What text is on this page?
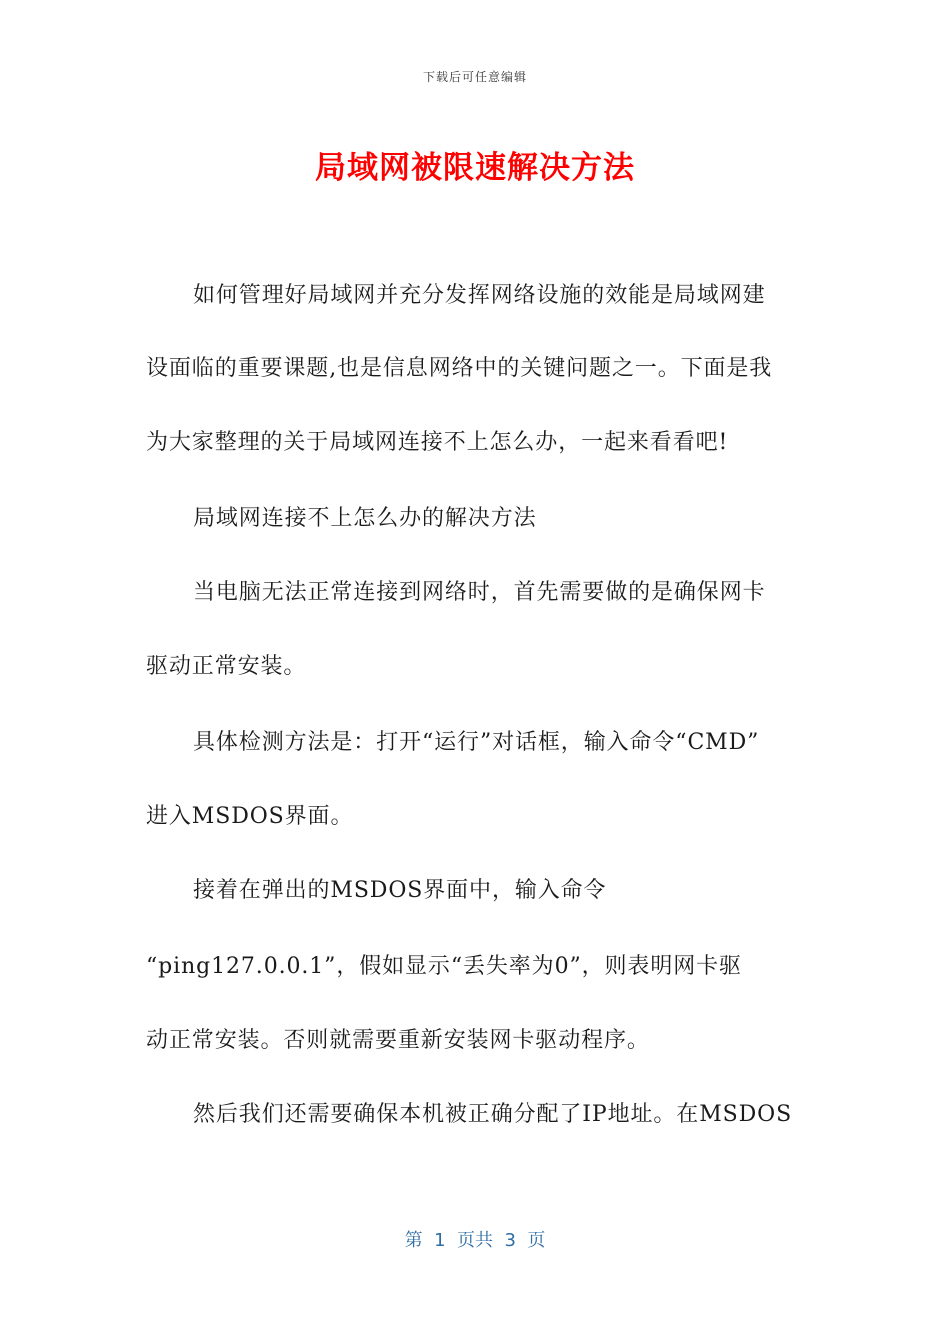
下载后可任意编辑
局域网被限速解决方法
如何管理好局域网并充分发挥网络设施的效能是局域网建
设面临的重要课题,也是信息网络中的关键问题之一。下面是我
为大家整理的关于局域网连接不上怎么办，一起来看看吧!
局域网连接不上怎么办的解决方法
当电脑无法正常连接到网络时，首先需要做的是确保网卡
驱动正常安装。
具体检测方法是：打开“运行”对话框，输入命令“CMD”
进入MSDOS界面。
接着在弹出的MSDOS界面中，输入命令
“ping127.0.0.1”，假如显示“丢失率为0”，则表明网卡驱
动正常安装。否则就需要重新安装网卡驱动程序。
然后我们还需要确保本机被正确分配了IP地址。在MSDOS
第  1  页共  3  页
